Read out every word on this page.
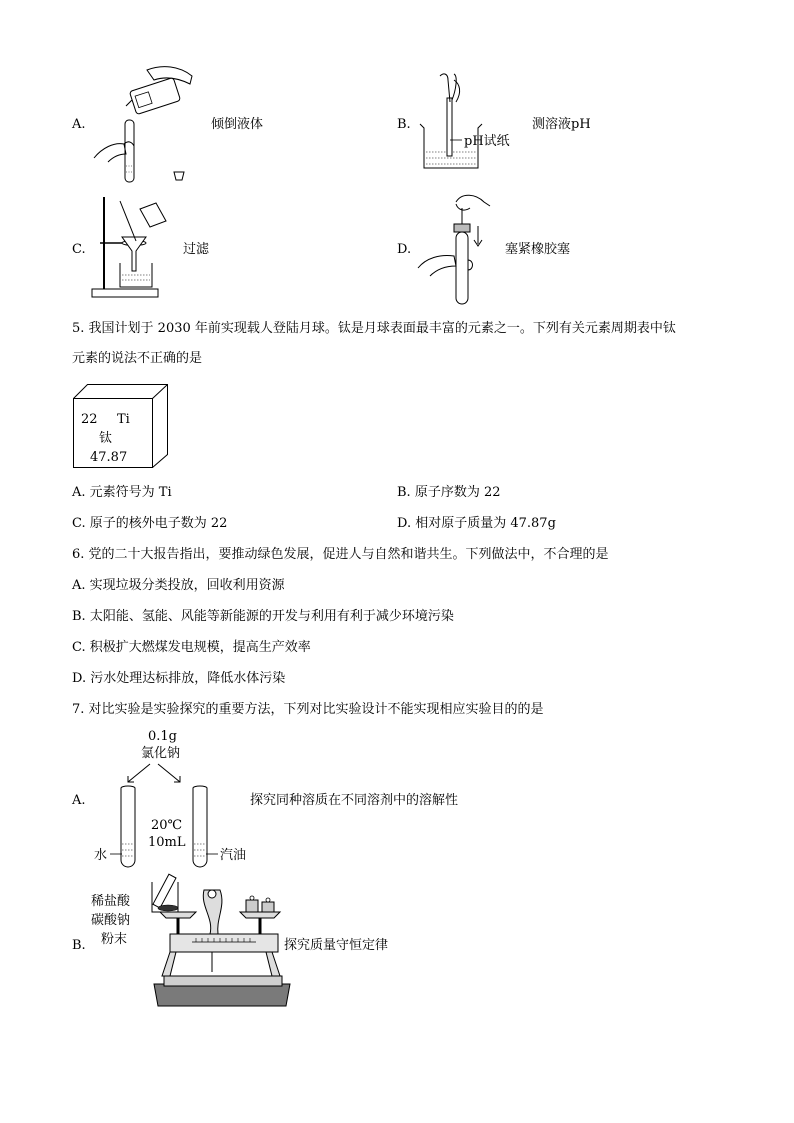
A.	倾倒液体	B.
pH试纸
测溶液pH
C.	过滤	D.	塞紧橡胶塞
5. 我国计划于 2030 年前实现载人登陆月球。钛是月球表面最丰富的元素之一。下列有关元素周期表中钛
元素的说法不正确的是
22 Ti
钛
47.87
A. 元素符号为 Ti	B. 原子序数为 22
C. 原子的核外电子数为 22	D. 相对原子质量为 47.87g
6. 党的二十大报告指出，要推动绿色发展，促进人与自然和谐共生。下列做法中，不合理的是
A. 实现垃圾分类投放，回收利用资源
B. 太阳能、氢能、风能等新能源的开发与利用有利于减少环境污染
C. 积极扩大燃煤发电规模，提高生产效率
D. 污水处理达标排放，降低水体污染
7. 对比实验是实验探究的重要方法，下列对比实验设计不能实现相应实验目的的是
A.
0.1g
氯化钠
20℃
10mL
水	汽油
探究同种溶质在不同溶剂中的溶解性
B.
稀盐酸
碳酸钠
粉末	探究质量守恒定律
